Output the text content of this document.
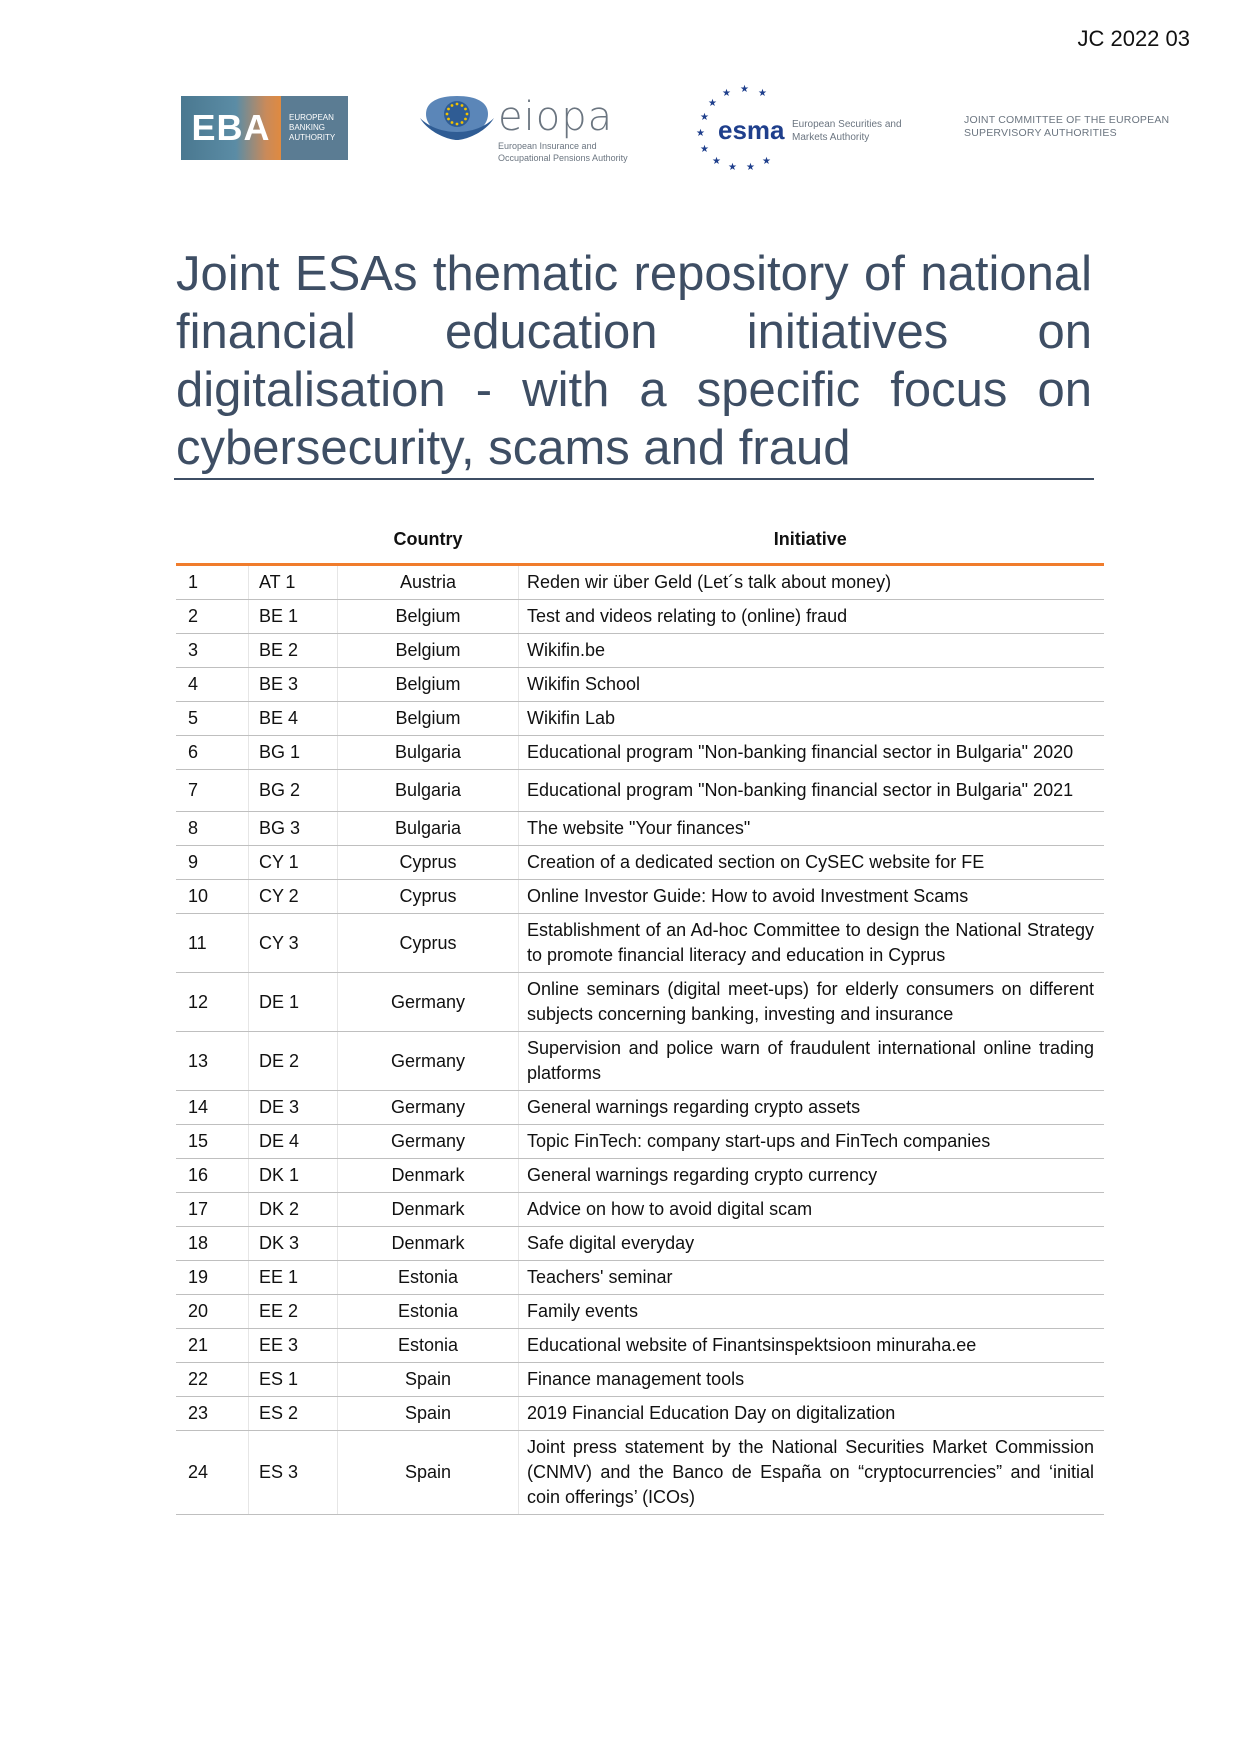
JC 2022 03
EBA	EUROPEAN
BANKING
AUTHORITY	eiopa
European Insurance and
Occupational Pensions Authority
★ ★
★
★
★
★
★
★
★ ★
★
esma European Securities and
Markets Authority
JOINT COMMITTEE OF THE EUROPEAN
SUPERVISORY AUTHORITIES
Joint ESAs thematic repository of national financial education initiatives on digitalisation - with a specific focus on cybersecurity, scams and fraud
		Country	Initiative
1	AT 1	Austria	Reden wir über Geld (Let´s talk about money)
2	BE 1	Belgium	Test and videos relating to (online) fraud
3	BE 2	Belgium	Wikifin.be
4	BE 3	Belgium	Wikifin School
5	BE 4	Belgium	Wikifin Lab
6	BG 1	Bulgaria	Educational program "Non-banking financial sector in Bulgaria" 2020
7	BG 2	Bulgaria	Educational program "Non-banking financial sector in Bulgaria" 2021
8	BG 3	Bulgaria	The website "Your finances"
9	CY 1	Cyprus	Creation of a dedicated section on CySEC website for FE
10	CY 2	Cyprus	Online Investor Guide: How to avoid Investment Scams
11	CY 3	Cyprus	Establishment of an Ad-hoc Committee to design the National Strategy to promote financial literacy and education in Cyprus
12	DE 1	Germany	Online seminars (digital meet-ups) for elderly consumers on different subjects concerning banking, investing and insurance
13	DE 2	Germany	Supervision and police warn of fraudulent international online trading platforms
14	DE 3	Germany	General warnings regarding crypto assets
15	DE 4	Germany	Topic FinTech: company start-ups and FinTech companies
16	DK 1	Denmark	General warnings regarding crypto currency
17	DK 2	Denmark	Advice on how to avoid digital scam
18	DK 3	Denmark	Safe digital everyday
19	EE 1	Estonia	Teachers' seminar
20	EE 2	Estonia	Family events
21	EE 3	Estonia	Educational website of Finantsinspektsioon minuraha.ee
22	ES 1	Spain	Finance management tools
23	ES 2	Spain	2019 Financial Education Day on digitalization
24	ES 3	Spain	Joint press statement by the National Securities Market Commission (CNMV) and the Banco de España on “cryptocurrencies” and ‘initial coin offerings’ (ICOs)
